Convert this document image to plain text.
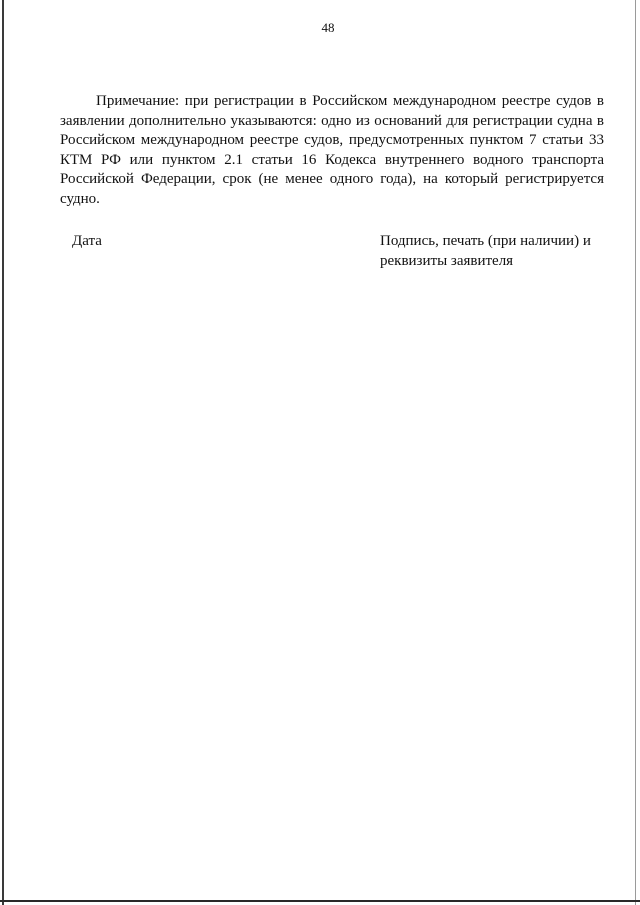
48

Примечание: при регистрации в Российском международном реестре судов в заявлении дополнительно указываются: одно из оснований для регистрации судна в Российском международном реестре судов, предусмотренных пунктом 7 статьи 33 КТМ РФ или пунктом 2.1 статьи 16 Кодекса внутреннего водного транспорта Российской Федерации, срок (не менее одного года), на который регистрируется судно.

Дата	Подпись, печать (при наличии) и
реквизиты заявителя
